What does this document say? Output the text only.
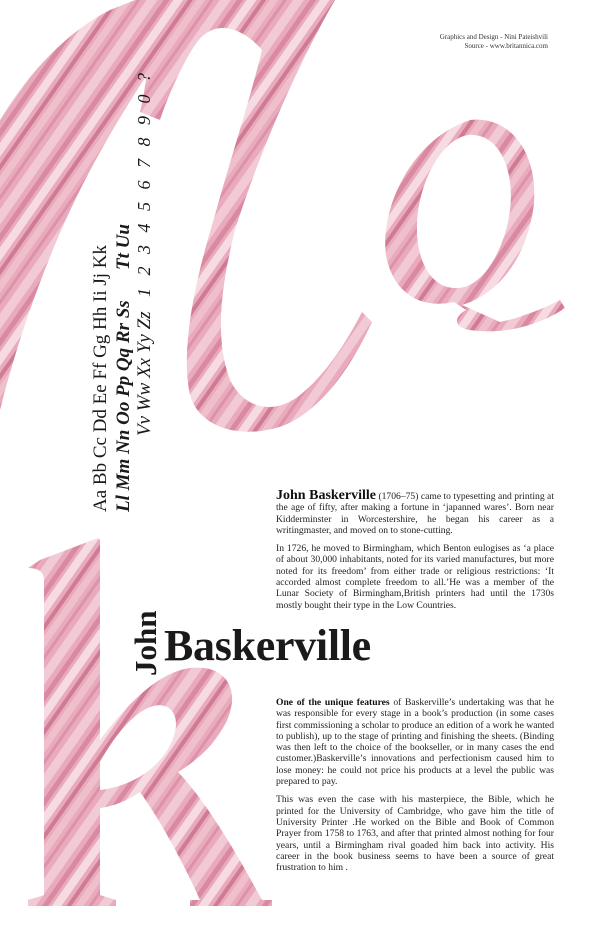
Graphics and Design - Nini Pateishvili
Source - www.britannica.com
Aa Bb Cc Dd Ee Ff Gg Hh Ii Jj Kk Ll Mm Nn Oo Pp Qq Rr Ss
Tt Uu
Vv Ww Xx Yy Zz
1 2 3 4 5 6 7 8 9 0 ?
John Baskerville

John Baskerville (1706–75) came to typesetting and printing at the age of fifty, after making a fortune in ‘japanned wares’. Born near Kidderminster in Worcestershire, he began his career as a writingmaster, and moved on to stone-cutting.

In 1726, he moved to Birmingham, which Benton eulogises as ‘a place of about 30,000 inhabitants, noted for its varied manufactures, but more noted for its freedom’ from either trade or religious restrictions: ‘It accorded almost complete freedom to all.’He was a member of the Lunar Society of Birmingham,British printers had until the 1730s mostly bought their type in the Low Countries.

One of the unique features of Baskerville’s undertaking was that he was responsible for every stage in a book’s production (in some cases first commissioning a scholar to produce an edition of a work he wanted to publish), up to the stage of printing and finishing the sheets. (Binding was then left to the choice of the bookseller, or in many cases the end customer.)Baskerville’s innovations and perfectionism caused him to lose money: he could not price his products at a level the public was prepared to pay.

This was even the case with his masterpiece, the Bible, which he printed for the University of Cambridge, who gave him the title of University Printer .He worked on the Bible and Book of Common Prayer from 1758 to 1763, and after that printed almost nothing for four years, until a Birmingham rival goaded him back into activity. His career in the book business seems to have been a source of great frustration to him .
